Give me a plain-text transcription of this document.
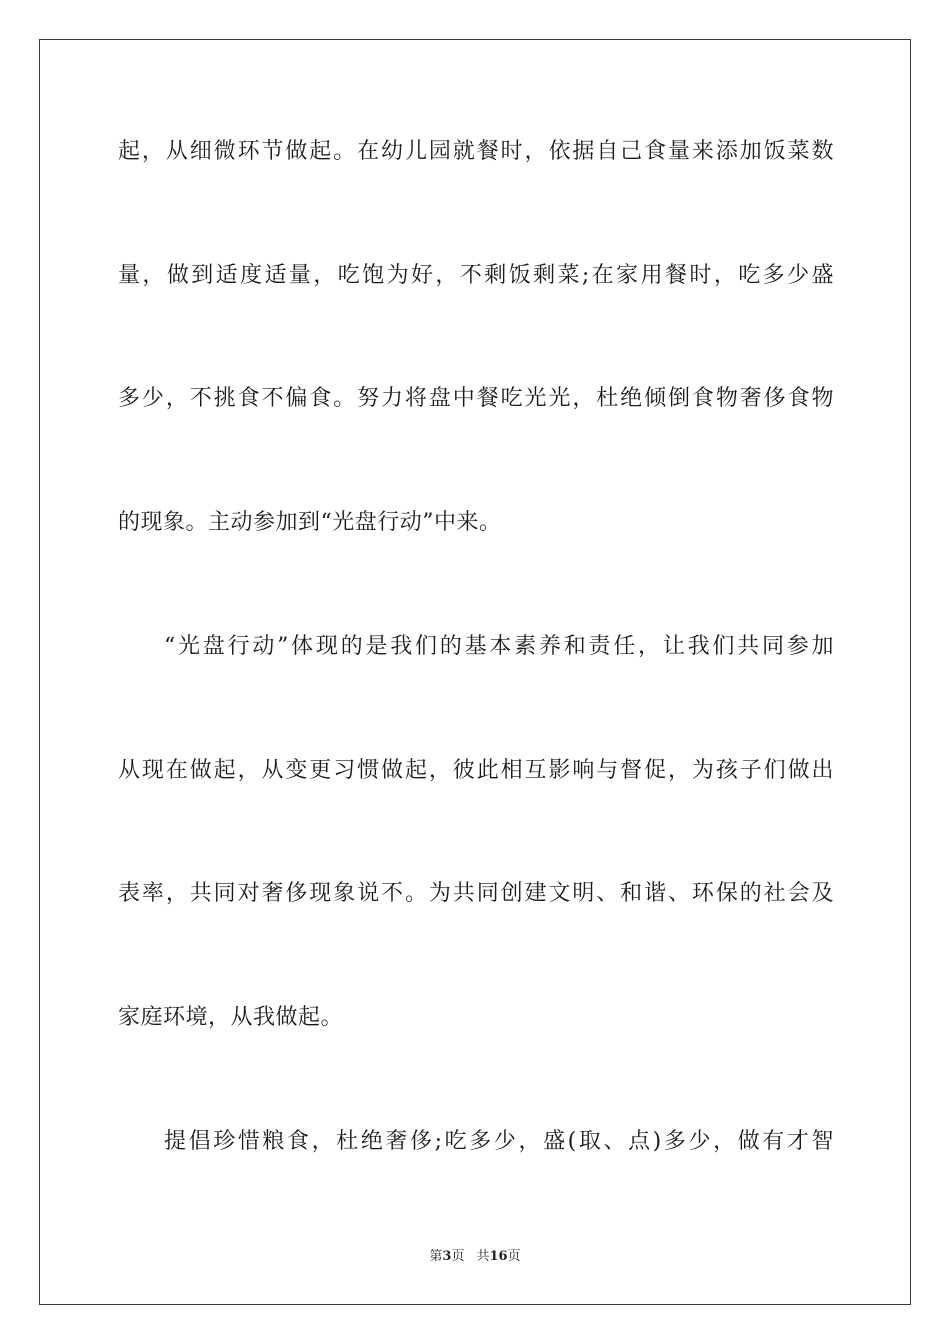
起，从细微环节做起。在幼儿园就餐时，依据自己食量来添加饭菜数
量，做到适度适量，吃饱为好，不剩饭剩菜;在家用餐时，吃多少盛
多少，不挑食不偏食。努力将盘中餐吃光光，杜绝倾倒食物奢侈食物
的现象。主动参加到“光盘行动”中来。
“光盘行动”体现的是我们的基本素养和责任，让我们共同参加
从现在做起，从变更习惯做起，彼此相互影响与督促，为孩子们做出
表率，共同对奢侈现象说不。为共同创建文明、和谐、环保的社会及
家庭环境，从我做起。
提倡珍惜粮食，杜绝奢侈;吃多少，盛(取、点)多少，做有才智
第3页 共16页
